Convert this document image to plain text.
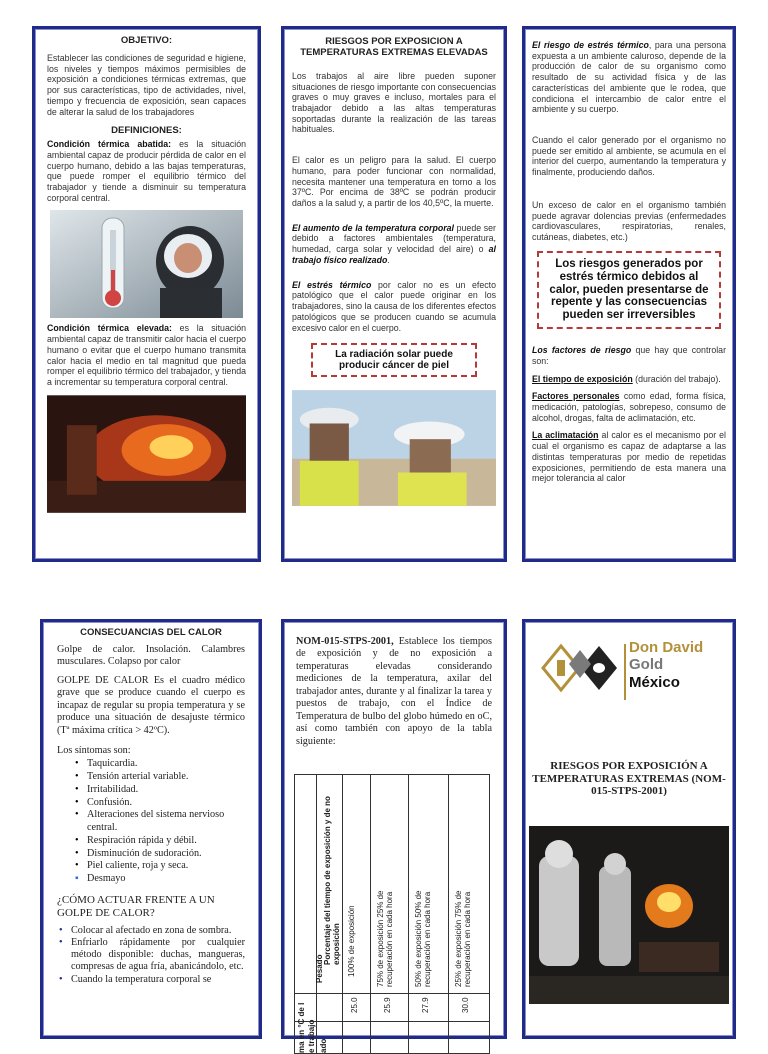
OBJETIVO:

Establecer las condiciones de seguridad e higiene, los niveles y tiempos máximos permisibles de exposición a condiciones térmicas extremas, que por sus características, tipo de actividades, nivel, tiempo y frecuencia de exposición, sean capaces de alterar la salud de los trabajadores

DEFINICIONES:

Condición térmica abatida: es la situación ambiental capaz de producir pérdida de calor en el cuerpo humano, debido a las bajas temperaturas, que puede romper el equilibrio térmico del trabajador y tiende a disminuir su temperatura corporal central.

Condición térmica elevada: es la situación ambiental capaz de transmitir calor hacia el cuerpo humano o evitar que el cuerpo humano transmita calor hacia el medio en tal magnitud que pueda romper el equilibrio térmico del trabajador, y tienda a incrementar su temperatura corporal central.

RIESGOS POR EXPOSICION A TEMPERATURAS EXTREMAS ELEVADAS

Los trabajos al aire libre pueden suponer situaciones de riesgo importante con consecuencias graves o muy graves e incluso, mortales para el trabajador debido a las altas temperaturas soportadas durante la realización de las tareas habituales.

El calor es un peligro para la salud. El cuerpo humano, para poder funcionar con normalidad, necesita mantener una temperatura en torno a los 37ºC. Por encima de 38ºC se podrán producir daños a la salud y, a partir de los 40,5ºC, la muerte.

El aumento de la temperatura corporal puede ser debido a factores ambientales (temperatura, humedad, carga solar y velocidad del aire) o al trabajo físico realizado.

El estrés térmico por calor no es un efecto patológico que el calor puede originar en los trabajadores, sino la causa de los diferentes efectos patológicos que se producen cuando se acumula excesivo calor en el cuerpo.

La radiación solar puede producir cáncer de piel

El riesgo de estrés térmico, para una persona expuesta a un ambiente caluroso, depende de la producción de calor de su organismo como resultado de su actividad física y de las características del ambiente que le rodea, que condiciona el intercambio de calor entre el ambiente y su cuerpo.

Cuando el calor generado por el organismo no puede ser emitido al ambiente, se acumula en el interior del cuerpo, aumentando la temperatura y finalmente, produciendo daños.

Un exceso de calor en el organismo también puede agravar dolencias previas (enfermedades cardiovasculares, respiratorias, renales, cutáneas, diabetes, etc.)

Los riesgos generados por estrés térmico debidos al calor, pueden presentarse de repente y las consecuencias pueden ser irreversibles

Los factores de riesgo que hay que controlar son:

El tiempo de exposición (duración del trabajo).

Factores personales como edad, forma física, medicación, patologías, sobrepeso, consumo de alcohol, drogas, falta de aclimatación, etc.

La aclimatación al calor es el mecanismo por el cual el organismo es capaz de adaptarse a las distintas temperaturas por medio de repetidas exposiciones, permitiendo de esta manera una mejor tolerancia al calor

CONSECUANCIAS DEL CALOR

Golpe de calor. Insolación. Calambres musculares. Colapso por calor

GOLPE DE CALOR Es el cuadro médico grave que se produce cuando el cuerpo es incapaz de regular su propia temperatura y se produce una situación de desajuste térmico (Tª máxima crítica > 42ºC).

Los síntomas son:

• Taquicardia.
• Tensión arterial variable.
• Irritabilidad.
• Confusión.
• Alteraciones del sistema nervioso central.
• Respiración rápida y débil.
• Disminución de sudoración.
• Piel caliente, roja y seca.
▪ Desmayo

¿CÓMO ACTUAR FRENTE A UN GOLPE DE CALOR?

• Colocar al afectado en zona de sombra.
• Enfriarlo rápidamente por cualquier método disponible: duchas, mangueras, compresas de agua fría, abanicándolo, etc.
• Cuando la temperatura corporal se

NOM-015-STPS-2001, Establece los tiempos de exposición y de no exposición a temperaturas elevadas considerando mediciones de la temperatura, axilar del trabajador antes, durante y al finalizar la tarea y puestos de trabajo, con el Índice de Temperatura de bulbo del globo húmedo en oC, así como también con apoyo de la tabla siguiente:

Pesado
ma en °C de I e trabajo ado
Porcentaje del tiempo de exposición y de no exposición 100% de exposición
25.0
75% de exposición 25% de recuperación en cada hora
25.9
50% de exposición 50% de recuperación en cada hora
27.9
25% de exposición 75% de recuperación en cada hora
30.0
Don David
Gold
México
RIESGOS POR EXPOSICIÓN A TEMPERATURAS EXTREMAS (NOM-015-STPS-2001)
